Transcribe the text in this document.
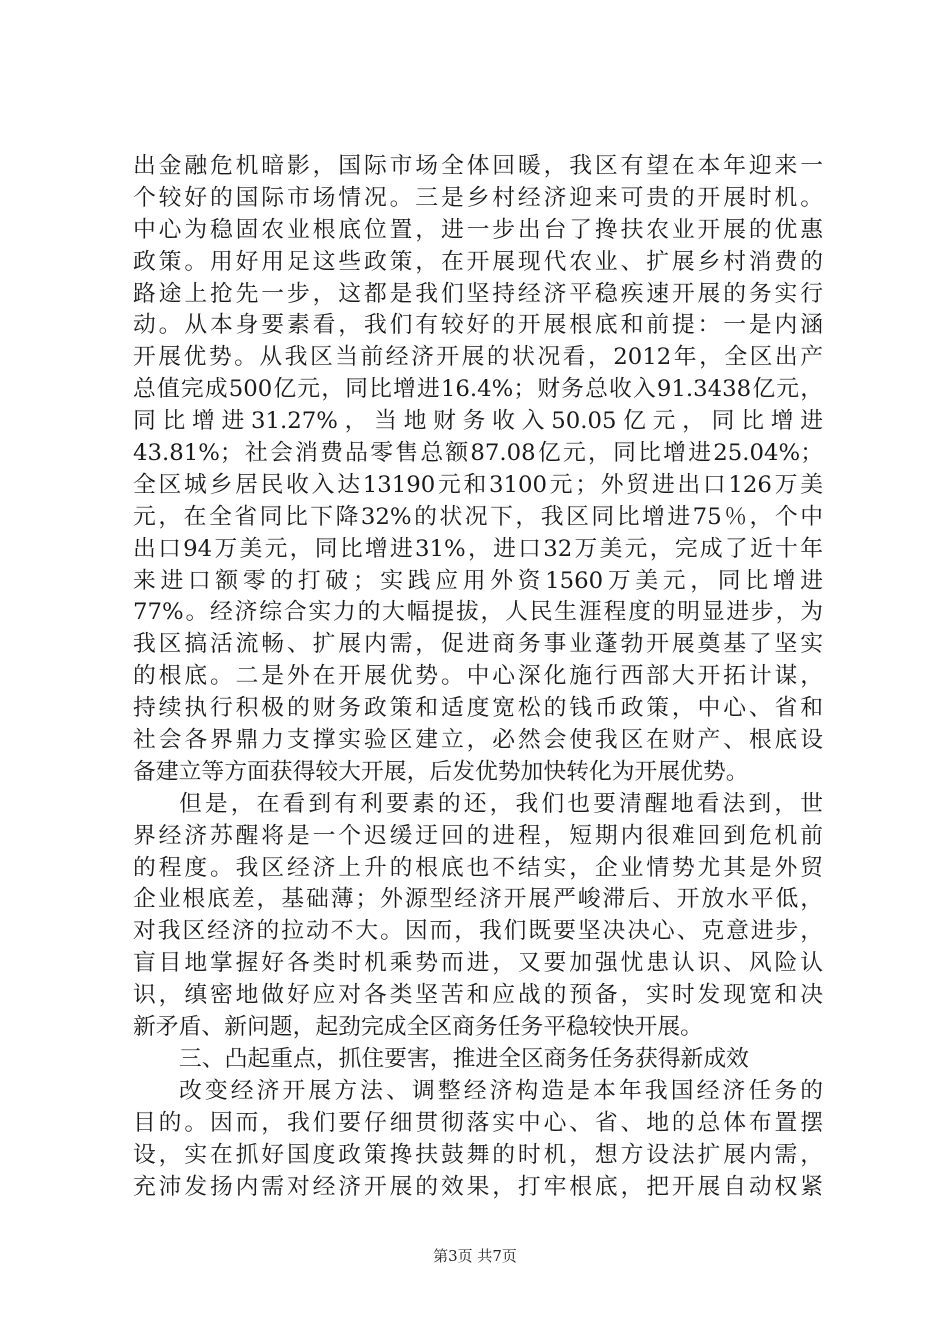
出金融危机暗影，国际市场全体回暖，我区有望在本年迎来一
个较好的国际市场情况。三是乡村经济迎来可贵的开展时机。
中心为稳固农业根底位置，进一步出台了搀扶农业开展的优惠
政策。用好用足这些政策，在开展现代农业、扩展乡村消费的
路途上抢先一步，这都是我们坚持经济平稳疾速开展的务实行
动。从本身要素看，我们有较好的开展根底和前提：一是内涵
开展优势。从我区当前经济开展的状况看，2012年，全区出产
总值完成500亿元，同比增进16.4%；财务总收入91.3438亿元，
同比增进31.27%，当地财务收入50.05亿元，同比增进
43.81%；社会消费品零售总额87.08亿元，同比增进25.04%；
全区城乡居民收入达13190元和3100元；外贸进出口126万美
元，在全省同比下降32%的状况下，我区同比增进75％，个中
出口94万美元，同比增进31%，进口32万美元，完成了近十年
来进口额零的打破；实践应用外资1560万美元，同比增进
77%。经济综合实力的大幅提拔，人民生涯程度的明显进步，为
我区搞活流畅、扩展内需，促进商务事业蓬勃开展奠基了坚实
的根底。二是外在开展优势。中心深化施行西部大开拓计谋，
持续执行积极的财务政策和适度宽松的钱币政策，中心、省和
社会各界鼎力支撑实验区建立，必然会使我区在财产、根底设
备建立等方面获得较大开展，后发优势加快转化为开展优势。
但是，在看到有利要素的还，我们也要清醒地看法到，世
界经济苏醒将是一个迟缓迂回的进程，短期内很难回到危机前
的程度。我区经济上升的根底也不结实，企业情势尤其是外贸
企业根底差，基础薄；外源型经济开展严峻滞后、开放水平低，
对我区经济的拉动不大。因而，我们既要坚决决心、克意进步，
盲目地掌握好各类时机乘势而进，又要加强忧患认识、风险认
识，缜密地做好应对各类坚苦和应战的预备，实时发现宽和决
新矛盾、新问题，起劲完成全区商务任务平稳较快开展。
三、凸起重点，抓住要害，推进全区商务任务获得新成效
改变经济开展方法、调整经济构造是本年我国经济任务的
目的。因而，我们要仔细贯彻落实中心、省、地的总体布置摆
设，实在抓好国度政策搀扶鼓舞的时机，想方设法扩展内需，
充沛发扬内需对经济开展的效果，打牢根底，把开展自动权紧
第3页 共7页
